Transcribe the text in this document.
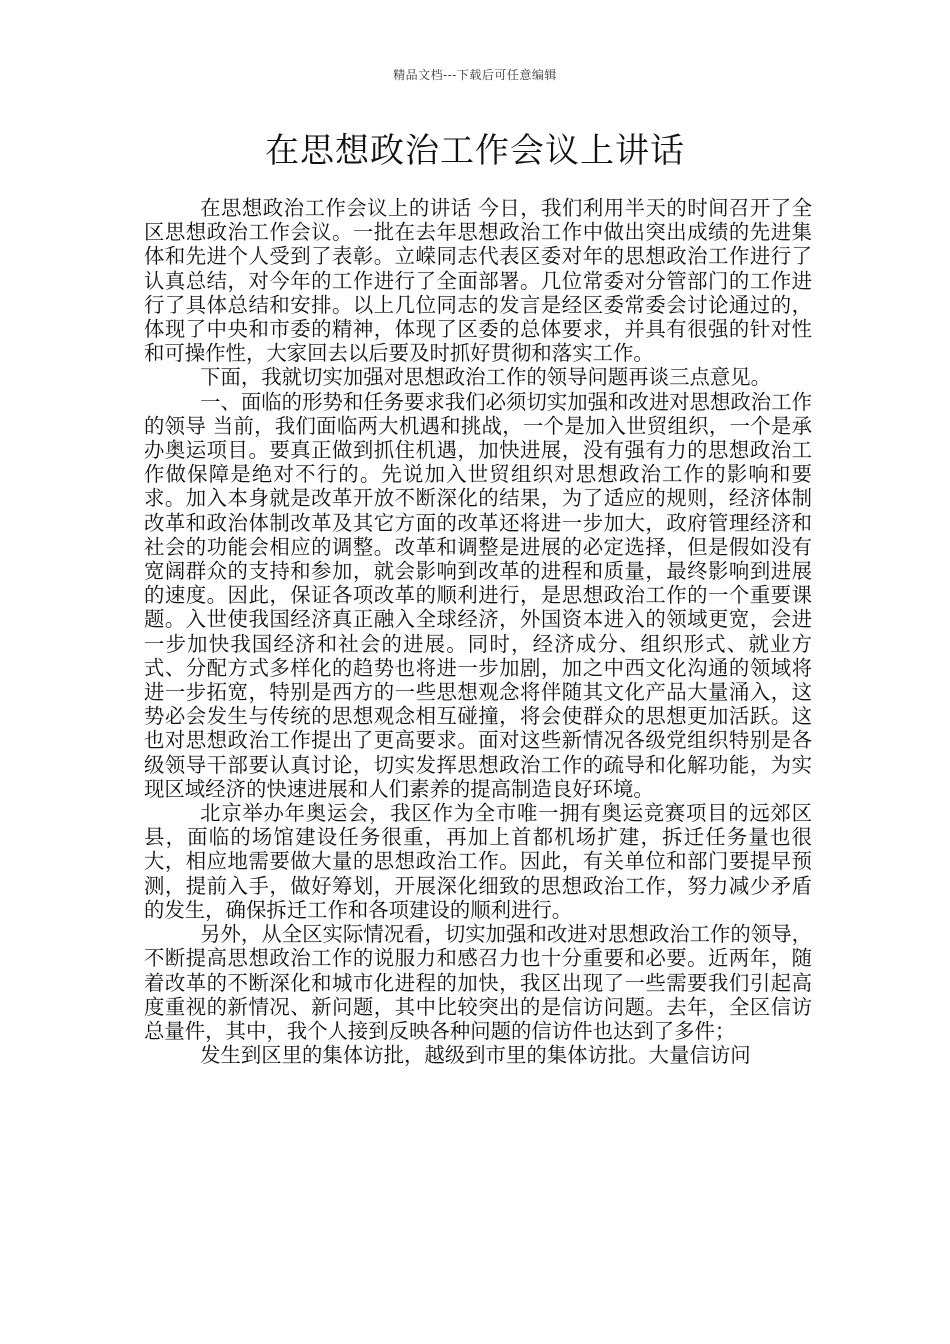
精品文档---下载后可任意编辑
在思想政治工作会议上讲话

在思想政治工作会议上的讲话 今日，我们利用半天的时间召开了全区思想政治工作会议。一批在去年思想政治工作中做出突出成绩的先进集体和先进个人受到了表彰。立嵘同志代表区委对年的思想政治工作进行了认真总结，对今年的工作进行了全面部署。几位常委对分管部门的工作进行了具体总结和安排。以上几位同志的发言是经区委常委会讨论通过的，体现了中央和市委的精神，体现了区委的总体要求，并具有很强的针对性和可操作性，大家回去以后要及时抓好贯彻和落实工作。

下面，我就切实加强对思想政治工作的领导问题再谈三点意见。

一、面临的形势和任务要求我们必须切实加强和改进对思想政治工作的领导 当前，我们面临两大机遇和挑战，一个是加入世贸组织，一个是承办奥运项目。要真正做到抓住机遇，加快进展，没有强有力的思想政治工作做保障是绝对不行的。先说加入世贸组织对思想政治工作的影响和要求。加入本身就是改革开放不断深化的结果，为了适应的规则，经济体制改革和政治体制改革及其它方面的改革还将进一步加大，政府管理经济和社会的功能会相应的调整。改革和调整是进展的必定选择，但是假如没有宽阔群众的支持和参加，就会影响到改革的进程和质量，最终影响到进展的速度。因此，保证各项改革的顺利进行，是思想政治工作的一个重要课题。入世使我国经济真正融入全球经济，外国资本进入的领域更宽，会进一步加快我国经济和社会的进展。同时，经济成分、组织形式、就业方式、分配方式多样化的趋势也将进一步加剧，加之中西文化沟通的领域将进一步拓宽，特别是西方的一些思想观念将伴随其文化产品大量涌入，这势必会发生与传统的思想观念相互碰撞，将会使群众的思想更加活跃。这也对思想政治工作提出了更高要求。面对这些新情况各级党组织特别是各级领导干部要认真讨论，切实发挥思想政治工作的疏导和化解功能，为实现区域经济的快速进展和人们素养的提高制造良好环境。

北京举办年奥运会，我区作为全市唯一拥有奥运竞赛项目的远郊区县，面临的场馆建设任务很重，再加上首都机场扩建，拆迁任务量也很大，相应地需要做大量的思想政治工作。因此，有关单位和部门要提早预测，提前入手，做好筹划，开展深化细致的思想政治工作，努力减少矛盾的发生，确保拆迁工作和各项建设的顺利进行。

另外，从全区实际情况看，切实加强和改进对思想政治工作的领导，不断提高思想政治工作的说服力和感召力也十分重要和必要。近两年，随着改革的不断深化和城市化进程的加快，我区出现了一些需要我们引起高度重视的新情况、新问题，其中比较突出的是信访问题。去年，全区信访总量件，其中，我个人接到反映各种问题的信访件也达到了多件；

发生到区里的集体访批，越级到市里的集体访批。大量信访问
